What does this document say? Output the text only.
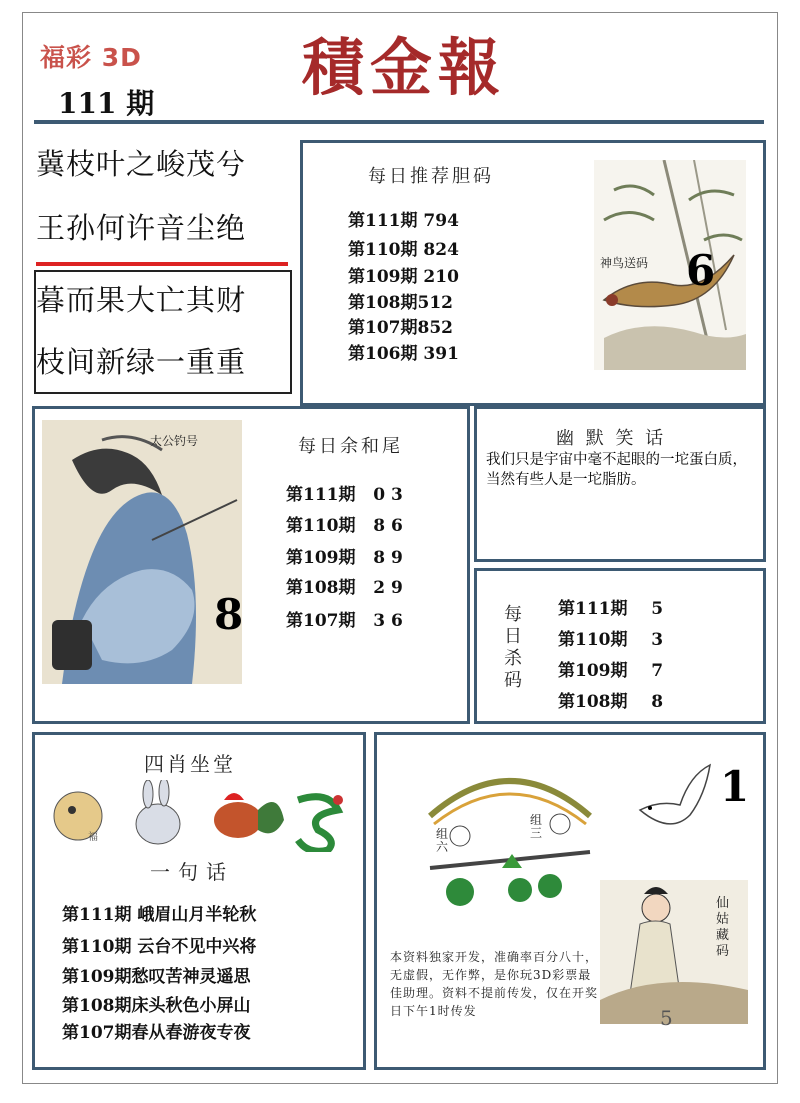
福彩 3D
111 期 積金報
冀枝叶之峻茂兮
王孙何许音尘绝
暮而果大亡其财
枝间新绿一重重
每日推荐胆码
第111期 794
第110期 824
第109期 210
第108期512
第107期852
第106期 391
神鸟送码 6
太公钓号
8
每日余和尾
第111期 0 3
第110期 8 6
第109期 8 9
第108期 2 9
第107期 3 6
幽 默 笑 话
我们只是宇宙中毫不起眼的一坨蛋白质，当然有些人是一坨脂肪。
每日杀码
第111期 5
第110期 3
第109期 7
第108期 8
四肖坐堂
福
一句话
第111期 峨眉山月半轮秋
第110期 云台不见中兴将
第109期愁叹苦神灵遥思
第108期床头秋色小屏山
第107期春从春游夜专夜
组六
组三
1
仙姑藏码
本资料独家开发，准确率百分八十，无虚假，无作弊，是你玩3D彩票最佳助理。资料不提前传发，仅在开奖日下午1时传发	5
